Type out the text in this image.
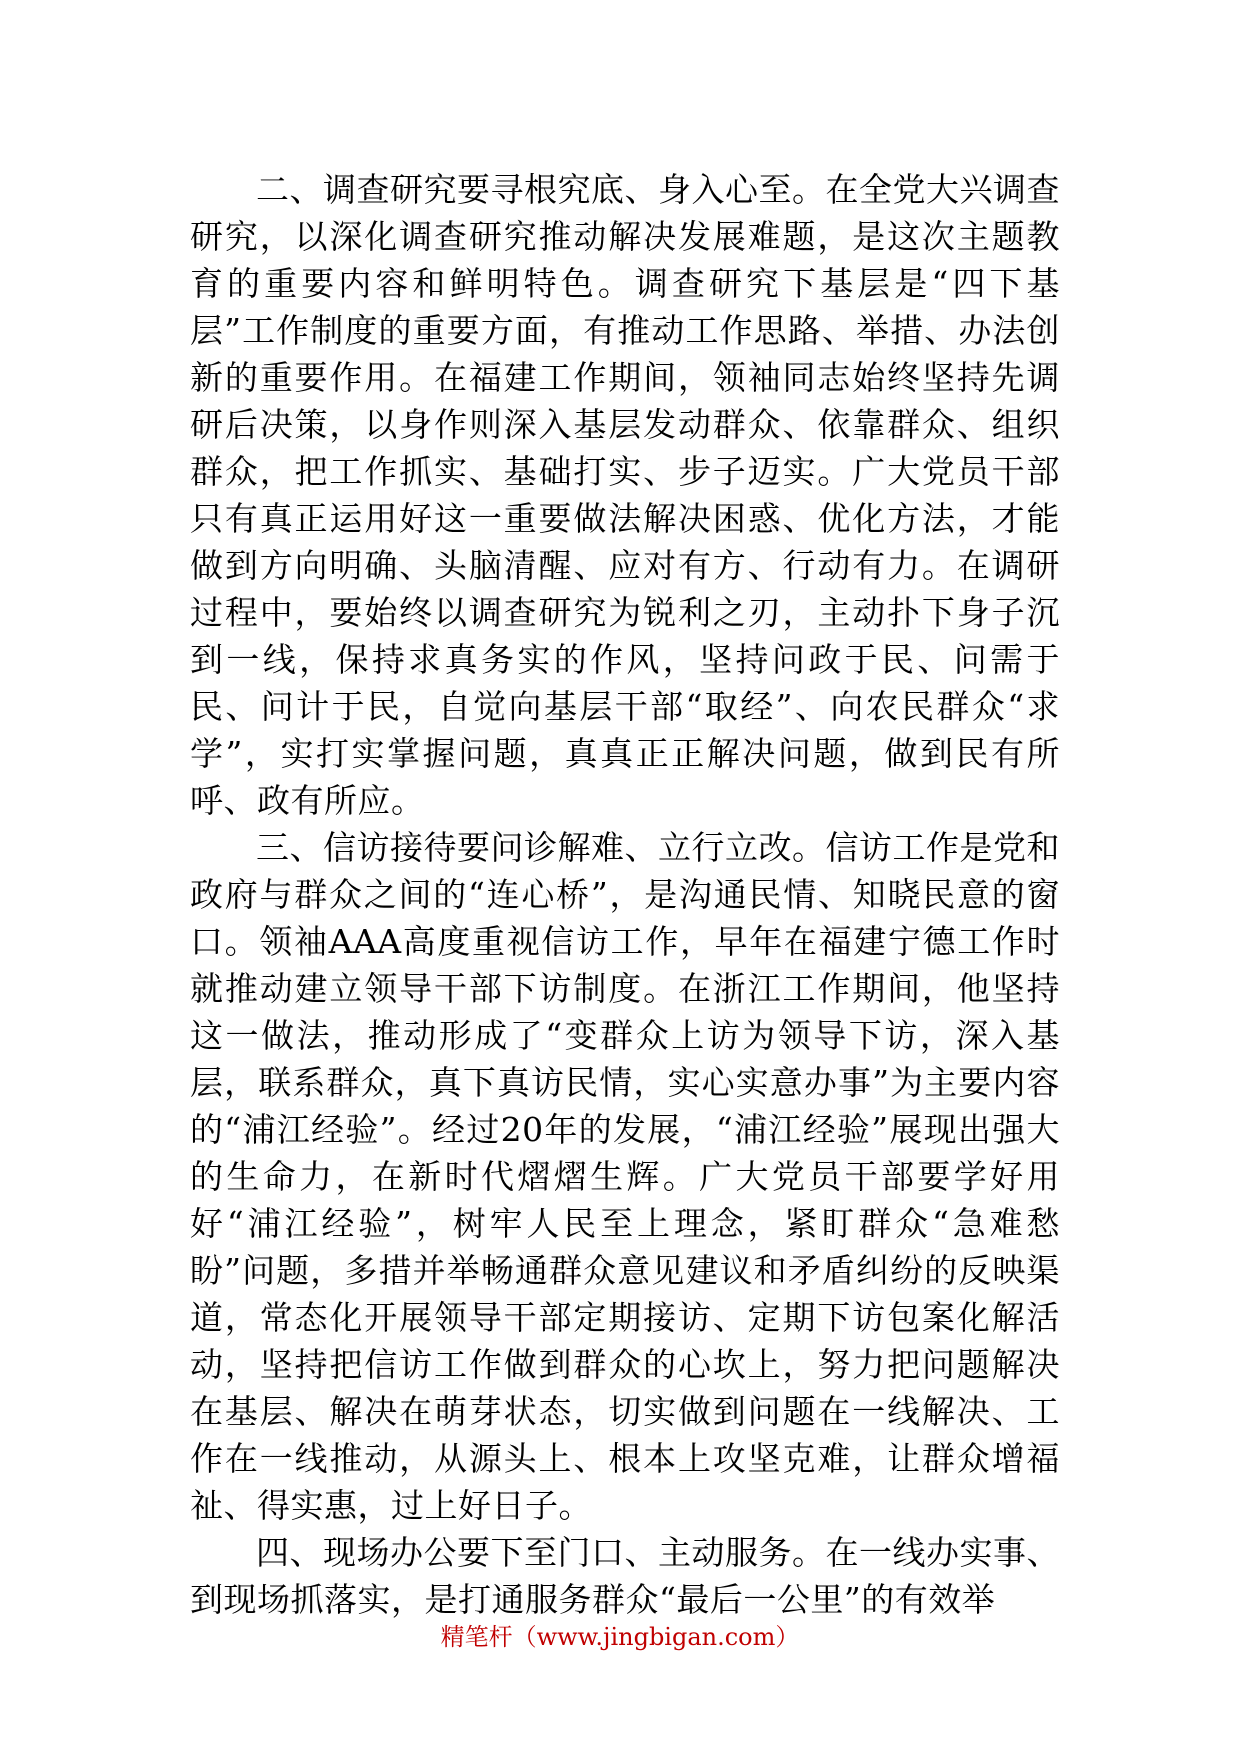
二、调查研究要寻根究底、身入心至。在全党大兴调查研究，以深化调查研究推动解决发展难题，是这次主题教育的重要内容和鲜明特色。调查研究下基层是“四下基层”工作制度的重要方面，有推动工作思路、举措、办法创新的重要作用。在福建工作期间，领袖同志始终坚持先调研后决策，以身作则深入基层发动群众、依靠群众、组织群众，把工作抓实、基础打实、步子迈实。广大党员干部只有真正运用好这一重要做法解决困惑、优化方法，才能做到方向明确、头脑清醒、应对有方、行动有力。在调研过程中，要始终以调查研究为锐利之刃，主动扑下身子沉到一线，保持求真务实的作风，坚持问政于民、问需于民、问计于民，自觉向基层干部“取经”、向农民群众“求学”，实打实掌握问题，真真正正解决问题，做到民有所呼、政有所应。

三、信访接待要问诊解难、立行立改。信访工作是党和政府与群众之间的“连心桥”，是沟通民情、知晓民意的窗口。领袖AAA高度重视信访工作，早年在福建宁德工作时就推动建立领导干部下访制度。在浙江工作期间，他坚持这一做法，推动形成了“变群众上访为领导下访，深入基层，联系群众，真下真访民情，实心实意办事”为主要内容的“浦江经验”。经过20年的发展，“浦江经验”展现出强大的生命力，在新时代熠熠生辉。广大党员干部要学好用好“浦江经验”，树牢人民至上理念，紧盯群众“急难愁盼”问题，多措并举畅通群众意见建议和矛盾纠纷的反映渠道，常态化开展领导干部定期接访、定期下访包案化解活动，坚持把信访工作做到群众的心坎上，努力把问题解决在基层、解决在萌芽状态，切实做到问题在一线解决、工作在一线推动，从源头上、根本上攻坚克难，让群众增福祉、得实惠，过上好日子。

四、现场办公要下至门口、主动服务。在一线办实事、到现场抓落实，是打通服务群众“最后一公里”的有效举

精笔杆（www.jingbigan.com）
